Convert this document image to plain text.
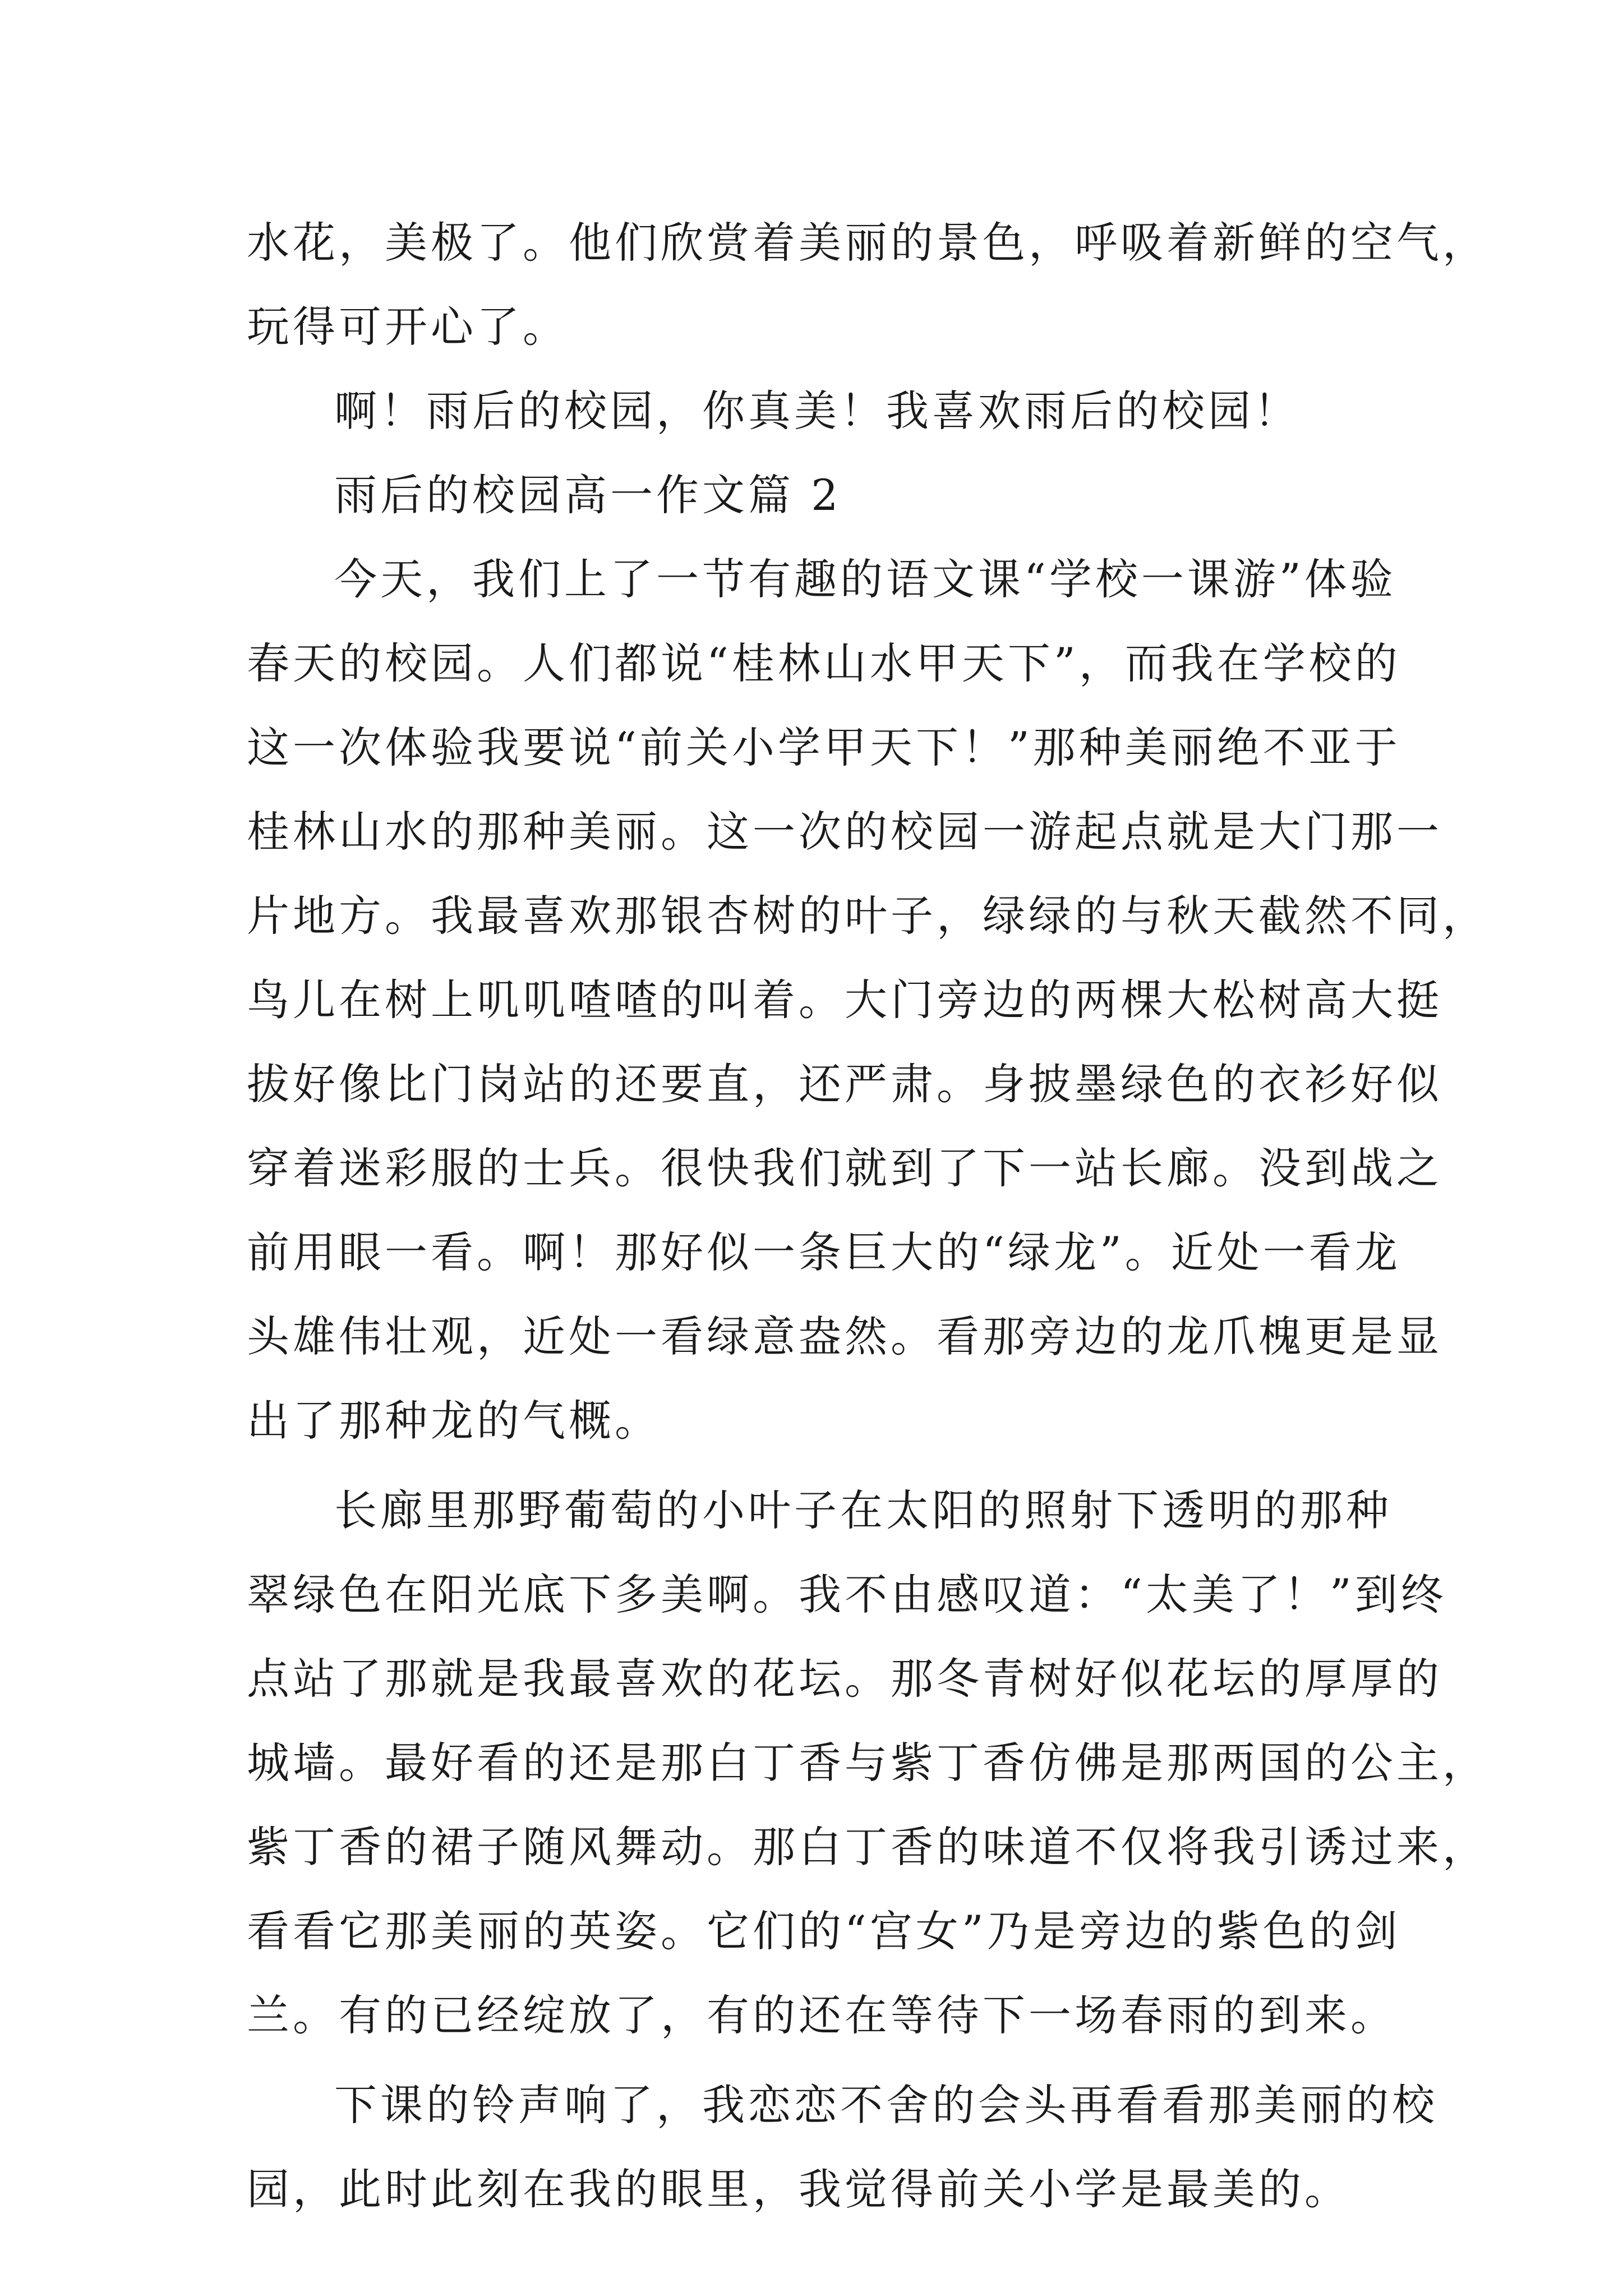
水花，美极了。他们欣赏着美丽的景色，呼吸着新鲜的空气，
玩得可开心了。
啊！雨后的校园，你真美！我喜欢雨后的校园！
雨后的校园高一作文篇 2
今天，我们上了一节有趣的语文课“学校一课游”体验
春天的校园。人们都说“桂林山水甲天下”，而我在学校的
这一次体验我要说“前关小学甲天下！”那种美丽绝不亚于
桂林山水的那种美丽。这一次的校园一游起点就是大门那一
片地方。我最喜欢那银杏树的叶子，绿绿的与秋天截然不同，
鸟儿在树上叽叽喳喳的叫着。大门旁边的两棵大松树高大挺
拔好像比门岗站的还要直，还严肃。身披墨绿色的衣衫好似
穿着迷彩服的士兵。很快我们就到了下一站长廊。没到战之
前用眼一看。啊！那好似一条巨大的“绿龙”。近处一看龙
头雄伟壮观，近处一看绿意盎然。看那旁边的龙爪槐更是显
出了那种龙的气概。
长廊里那野葡萄的小叶子在太阳的照射下透明的那种
翠绿色在阳光底下多美啊。我不由感叹道：“太美了！”到终
点站了那就是我最喜欢的花坛。那冬青树好似花坛的厚厚的
城墙。最好看的还是那白丁香与紫丁香仿佛是那两国的公主，
紫丁香的裙子随风舞动。那白丁香的味道不仅将我引诱过来，
看看它那美丽的英姿。它们的“宫女”乃是旁边的紫色的剑
兰。有的已经绽放了，有的还在等待下一场春雨的到来。
下课的铃声响了，我恋恋不舍的会头再看看那美丽的校
园，此时此刻在我的眼里，我觉得前关小学是最美的。
